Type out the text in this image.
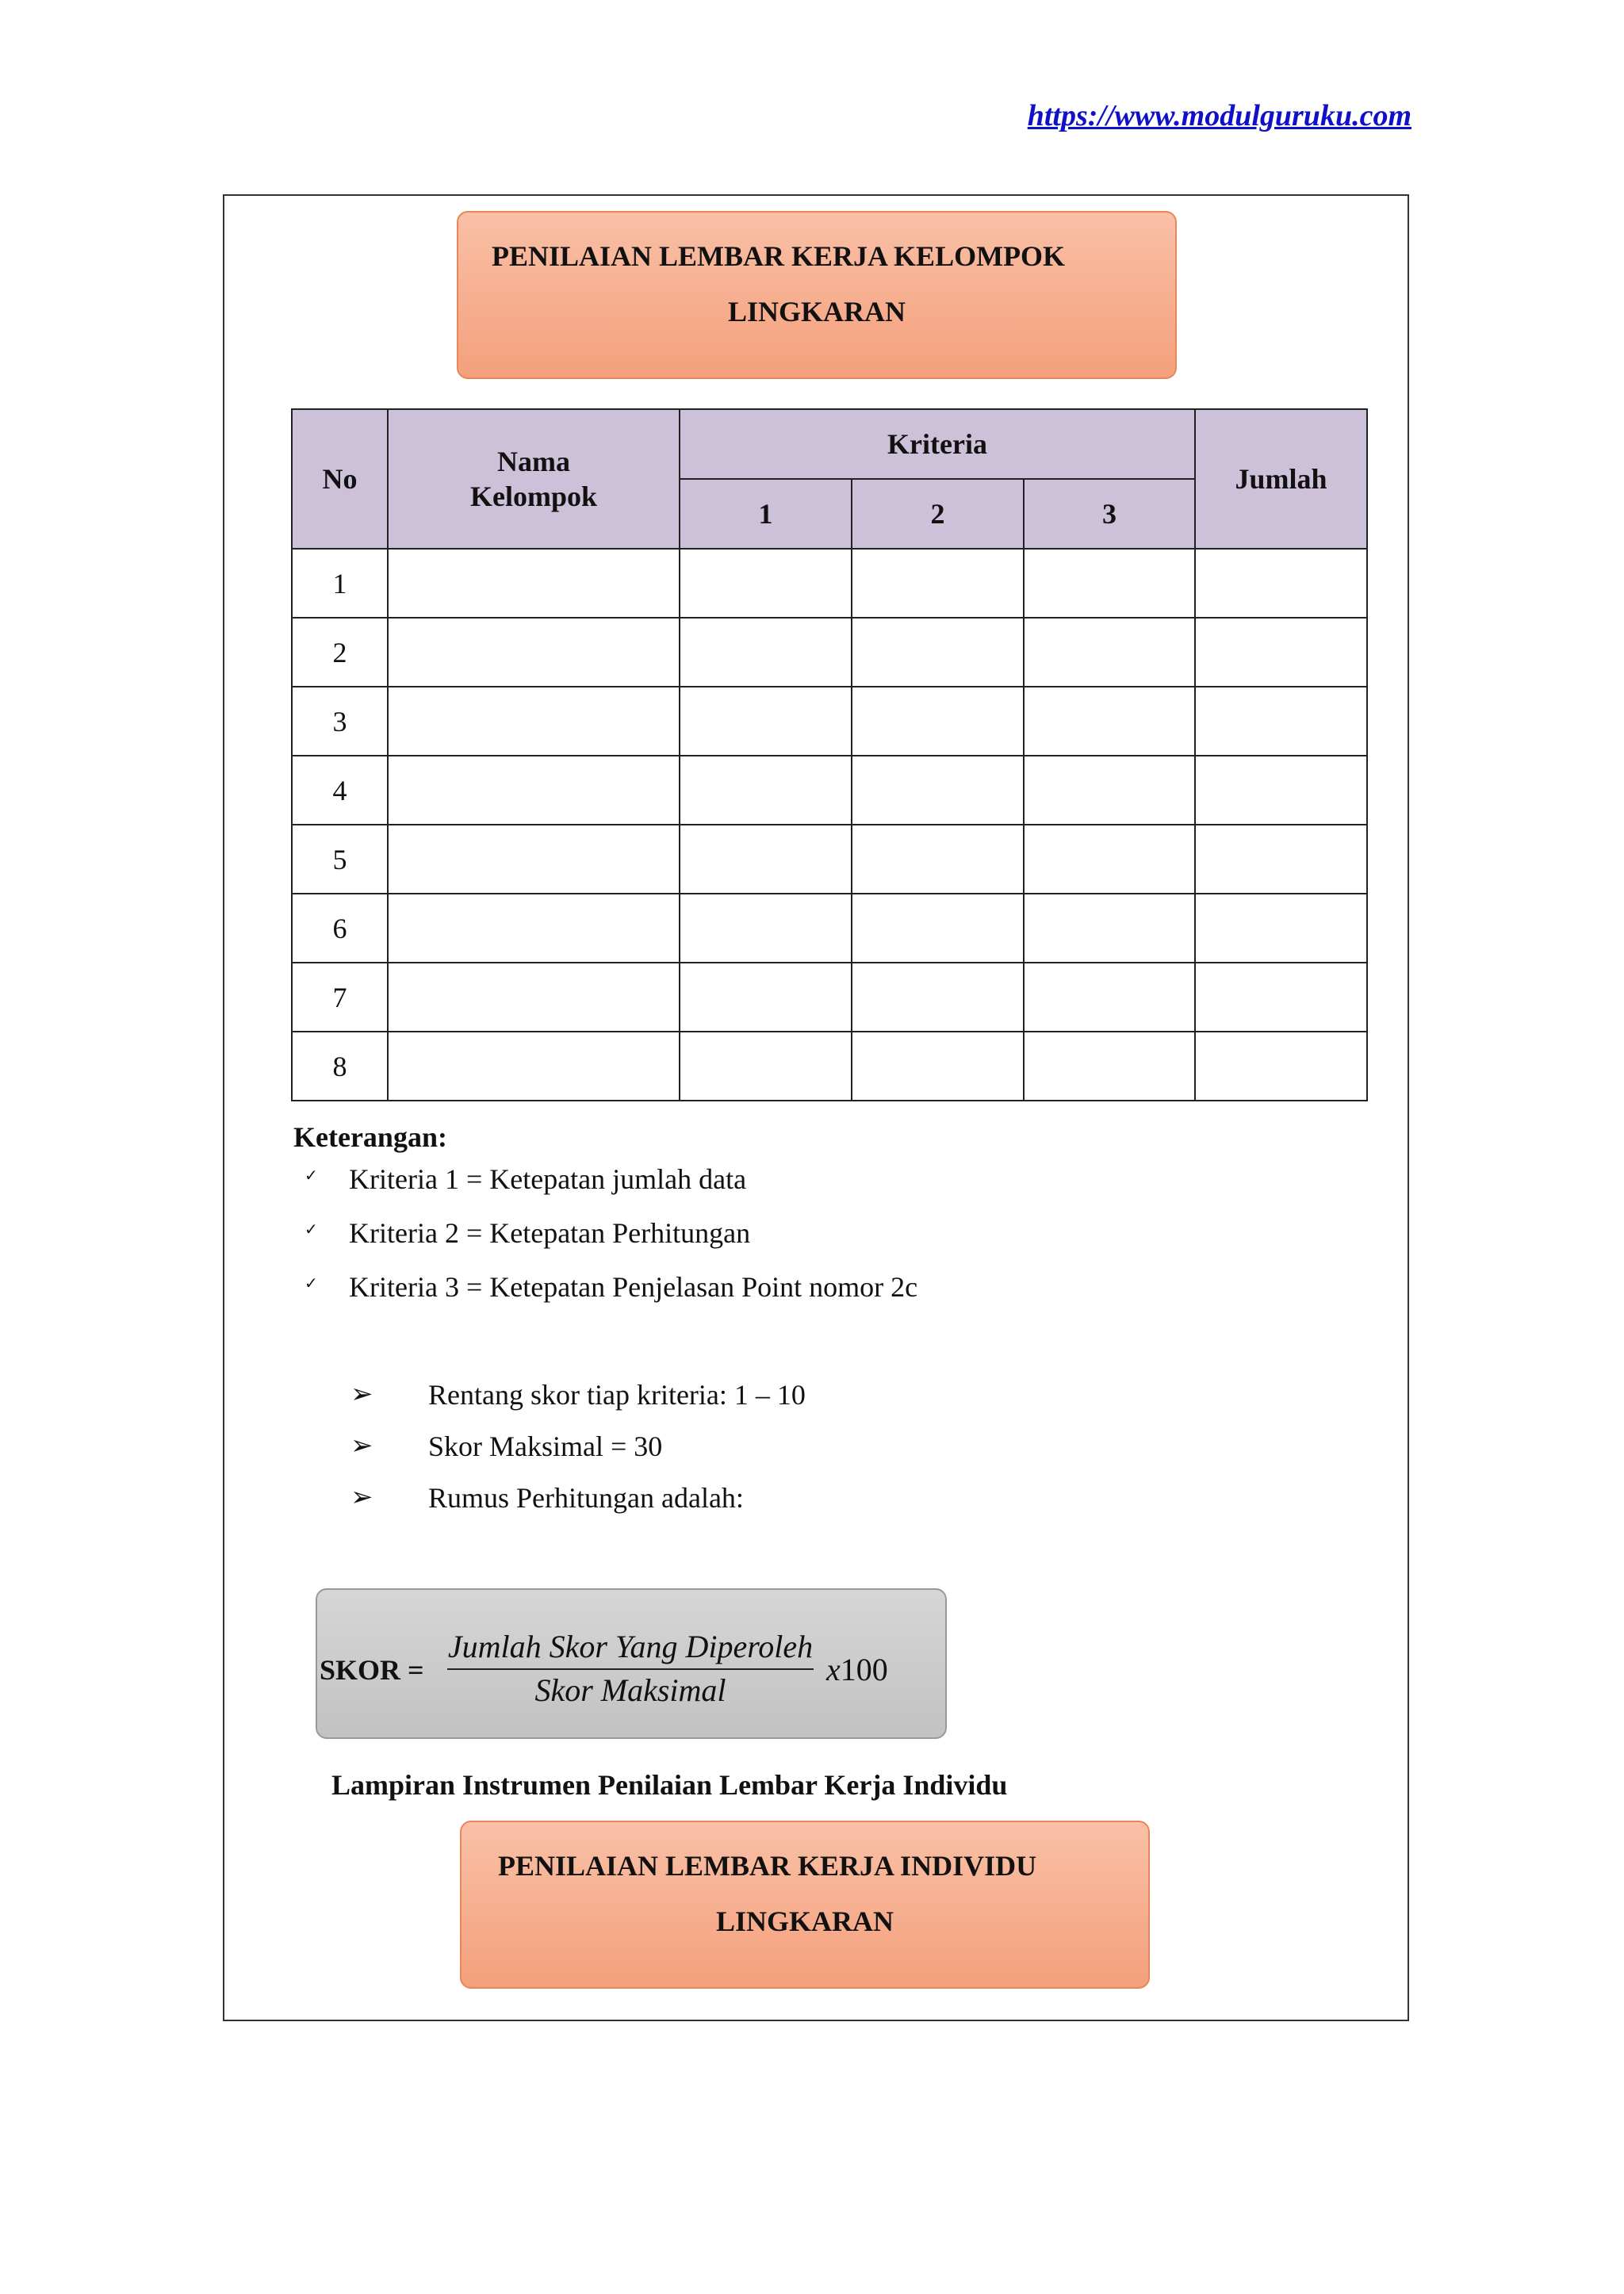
https://www.modulguruku.com
PENILAIAN LEMBAR KERJA KELOMPOK
LINGKARAN
No	Nama Kelompok	Kriteria			Jumlah
		1	2	3	
1					
2					
3					
4					
5					
6					
7					
8					
Keterangan:
✓ Kriteria 1 = Ketepatan jumlah data
✓ Kriteria 2 = Ketepatan Perhitungan
✓ Kriteria 3 = Ketepatan Penjelasan Point nomor 2c
➢ Rentang skor tiap kriteria: 1 – 10
➢ Skor Maksimal = 30
➢ Rumus Perhitungan adalah:
SKOR =
Jumlah Skor Yang Diperoleh
Skor Maksimal
x100
Lampiran Instrumen Penilaian Lembar Kerja Individu
PENILAIAN LEMBAR KERJA INDIVIDU
LINGKARAN
